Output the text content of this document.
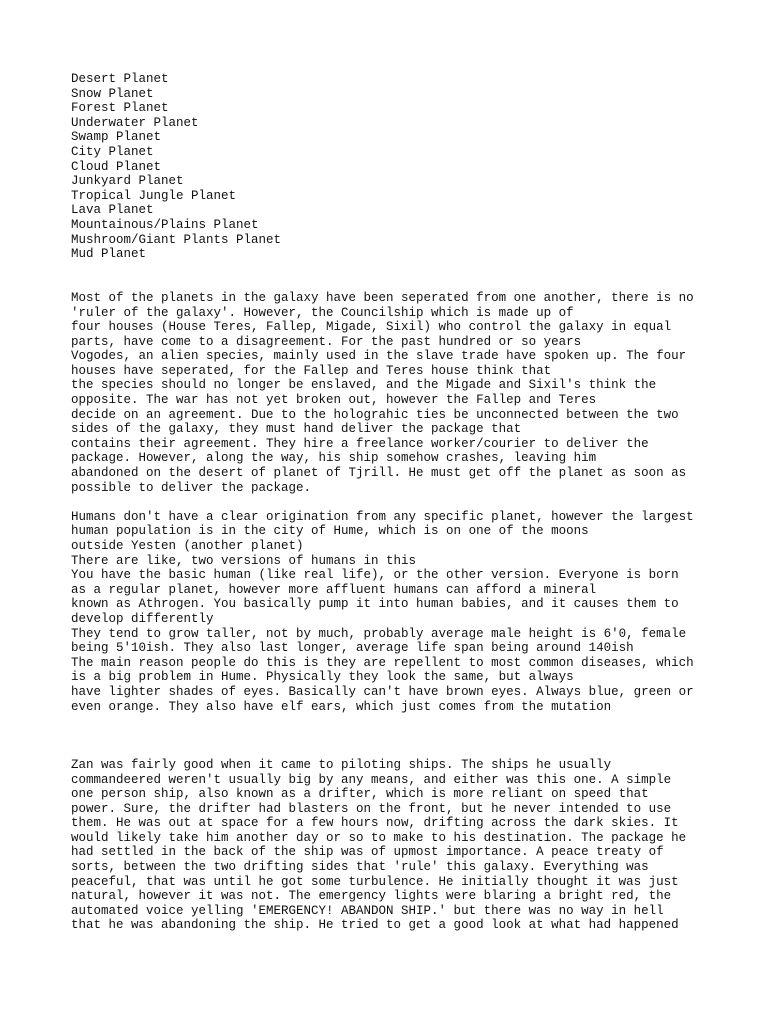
Desert Planet
Snow Planet
Forest Planet
Underwater Planet
Swamp Planet
City Planet
Cloud Planet
Junkyard Planet
Tropical Jungle Planet
Lava Planet
Mountainous/Plains Planet
Mushroom/Giant Plants Planet
Mud Planet
Most of the planets in the galaxy have been seperated from one another, there is no
'ruler of the galaxy'. However, the Councilship which is made up of
four houses (House Teres, Fallep, Migade, Sixil) who control the galaxy in equal
parts, have come to a disagreement. For the past hundred or so years
Vogodes, an alien species, mainly used in the slave trade have spoken up. The four
houses have seperated, for the Fallep and Teres house think that
the species should no longer be enslaved, and the Migade and Sixil's think the
opposite. The war has not yet broken out, however the Fallep and Teres
decide on an agreement. Due to the holograhic ties be unconnected between the two
sides of the galaxy, they must hand deliver the package that
contains their agreement. They hire a freelance worker/courier to deliver the
package. However, along the way, his ship somehow crashes, leaving him
abandoned on the desert of planet of Tjrill. He must get off the planet as soon as
possible to deliver the package.
Humans don't have a clear origination from any specific planet, however the largest
human population is in the city of Hume, which is on one of the moons
outside Yesten (another planet)
There are like, two versions of humans in this
You have the basic human (like real life), or the other version. Everyone is born
as a regular planet, however more affluent humans can afford a mineral
known as Athrogen. You basically pump it into human babies, and it causes them to
develop differently
They tend to grow taller, not by much, probably average male height is 6'0, female
being 5'10ish. They also last longer, average life span being around 140ish
The main reason people do this is they are repellent to most common diseases, which
is a big problem in Hume. Physically they look the same, but always
have lighter shades of eyes. Basically can't have brown eyes. Always blue, green or
even orange. They also have elf ears, which just comes from the mutation
Zan was fairly good when it came to piloting ships. The ships he usually
commandeered weren't usually big by any means, and either was this one. A simple
one person ship, also known as a drifter, which is more reliant on speed that
power. Sure, the drifter had blasters on the front, but he never intended to use
them. He was out at space for a few hours now, drifting across the dark skies. It
would likely take him another day or so to make to his destination. The package he
had settled in the back of the ship was of upmost importance. A peace treaty of
sorts, between the two drifting sides that 'rule' this galaxy. Everything was
peaceful, that was until he got some turbulence. He initially thought it was just
natural, however it was not. The emergency lights were blaring a bright red, the
automated voice yelling 'EMERGENCY! ABANDON SHIP.' but there was no way in hell
that he was abandoning the ship. He tried to get a good look at what had happened
